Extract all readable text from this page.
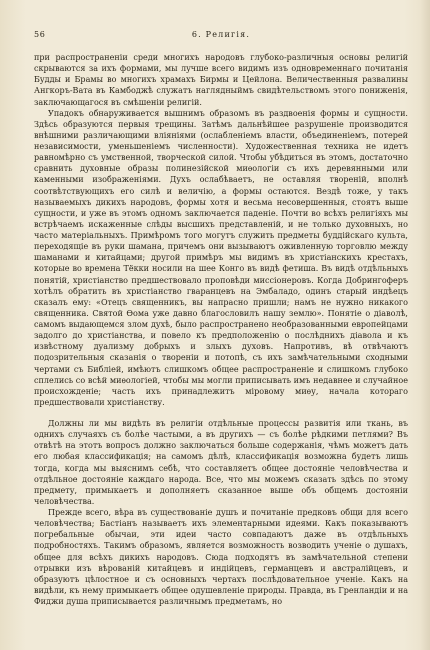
56	6. Религія.

при распространеніи среди многихъ народовъ глубоко-различныя основы религій скрываются за ихъ формами, мы лучше всего видимъ изъ одновременнаго почитанія Будды и Брамы во многихъ храмахъ Бирмы и Цейлона. Величественныя развалины Ангкоръ-Вата въ Камбоджѣ служатъ наглядныймъ свидѣтельствомъ этого пониженія, заключающагося въ смѣшеніи религій.

Упадокъ обнаруживается вышнимъ образомъ въ раздвоенія формы и сущности. Здѣсь образуются первыя трещины. Затѣмъ дальнѣйшее разрушеніе производится внѣшними различающими вліяніями (ослабленіемъ власти, объединеніемъ, потерей независимости, уменьшеніемъ численности). Художественная техника не идетъ равномѣрно съ умственной, творческой силой. Чтобы убѣдиться въ этомъ, достаточно сравнить духовные образы полинезійской миѳологіи съ ихъ деревянными или каменными изображеніями. Духъ ослабѣваетъ, не оставляя твореній, вполнѣ соотвѣтствующихъ его силѣ и величію, а формы остаются. Вездѣ тоже, у такъ называемыхъ дикихъ народовъ, формы хотя и весьма несовершенныя, стоятъ выше сущности, и уже въ этомъ одномъ заключается паденіе. Почти во всѣхъ религіяхъ мы встрѣчаемъ искаженные слѣды высшихъ представленій, и не только духовныхъ, но часто матеріальныхъ. Примѣромъ того могутъ служить предметы буддійскаго культа, переходящіе въ руки шамана, причемъ они вызываютъ оживленную торговлю между шаманами и китайцами; другой примѣръ мы видимъ въ христіанскихъ крестахъ, которые во времена Тёкки носили на шее Конго въ видѣ фетиша. Въ видѣ отдѣльныхъ понятій, христіанство предшествовало проповѣди миссіонеровъ. Когда Добрингоферъ хотѣлъ обратить въ христіанство гваранцевъ на Эмбаладо, одинъ старый индѣецъ сказалъ ему: «Отецъ священникъ, вы напрасно пришли; намъ не нужно никакого священника. Святой Ѳома уже давно благословилъ нашу землю». Понятіе о діаволѣ, самомъ выдающемся злом духѣ, было распространено необразованными европейцами задолго до христіанства, и повело къ предположенію о послѣднихъ діавола и къ извѣстному дуализму добрыхъ и злыхъ духовъ. Напротивъ, вѣ отвѣчаютъ подозрительныя сказанія о твореніи и потопѣ, съ ихъ замѣчательными сходными чертами съ Библіей, имѣютъ слишкомъ общее распространеніе и слишкомъ глубоко сплелись со всѣй миѳологіей, чтобы мы могли приписывать имъ недавнее и случайное происхожденіе; часть ихъ принадлежитъ міровому миѳу, начала котораго предшествовали христіанству.

Должны ли мы видѣть въ религіи отдѣльные процессы развитія или ткань, въ однихъ случаяхъ съ болѣе частыми, а въ другихъ — съ болѣе рѣдкими петлями? Въ отвѣтѣ на этотъ вопросъ должно заключаться больше содержанія, чѣмъ можетъ дать его любая классификація; на самомъ дѣлѣ, классификація возможна будетъ лишь тогда, когда мы выяснимъ себѣ, что составляетъ общее достояніе человѣчества и отдѣльное достояніе каждаго народа. Все, что мы можемъ сказать здѣсь по этому предмету, примыкаетъ и дополняетъ сказанное выше объ общемъ достояніи человѣчества.

Прежде всего, вѣра въ существованіе душъ и почитаніе предковъ общи для всего человѣчества; Бастіанъ называетъ ихъ элементарными идеями. Какъ показываютъ погребальные обычаи, эти идеи часто совпадаютъ даже въ отдѣльныхъ подробностяхъ. Такимъ образомъ, является возможность возводить ученіе о душахъ, общее для всѣхъ дикихъ народовъ. Сюда подходятъ въ замѣчательной степени отрывки изъ вѣрованій китайцевъ и индійцевъ, германцевъ и австралійцевъ, и образуютъ цѣлостное и съ основныхъ чертахъ послѣдовательное ученіе. Какъ на видѣли, къ нему примыкаетъ общее одушевленіе природы. Правда, въ Гренландіи и на Фиджи душа приписывается различнымъ предметамъ, но
